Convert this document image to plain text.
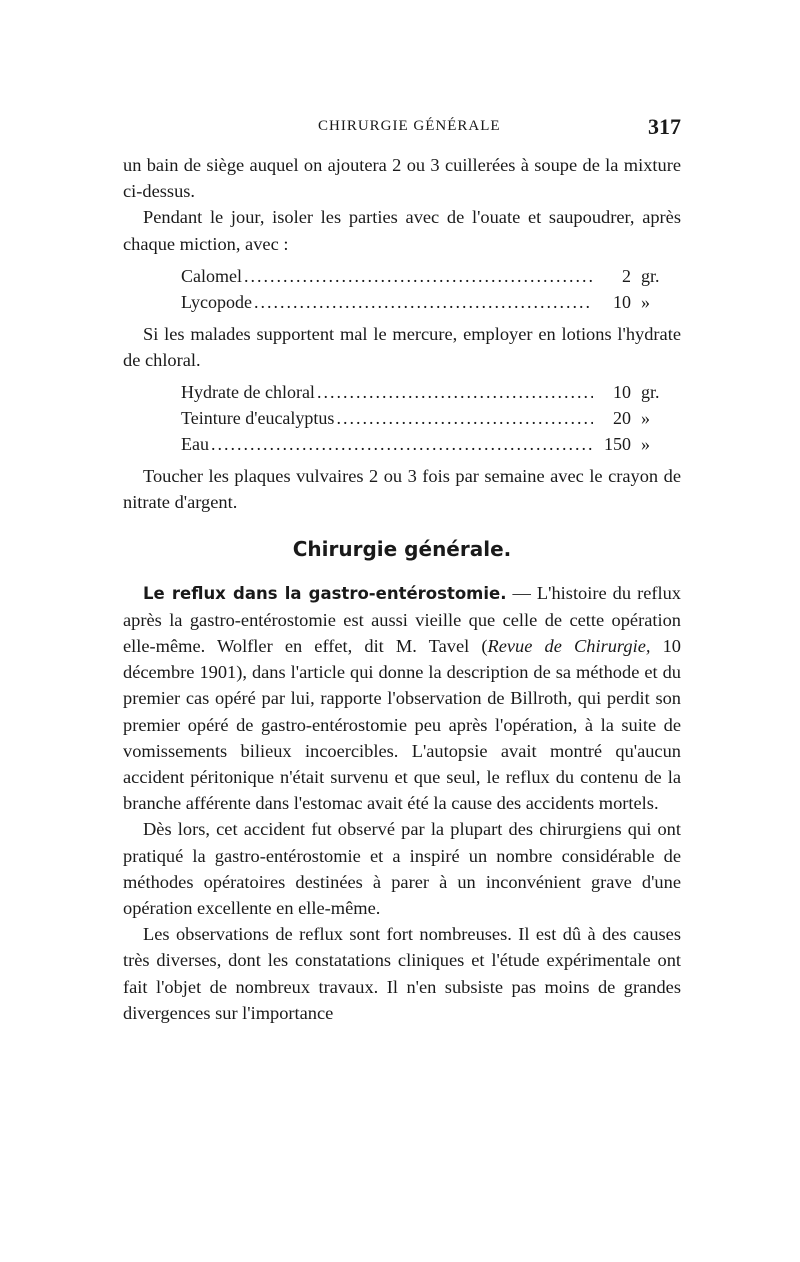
CHIRURGIE GÉNÉRALE	317

un bain de siège auquel on ajoutera 2 ou 3 cuillerées à soupe de la mixture ci-dessus.

Pendant le jour, isoler les parties avec de l'ouate et saupoudrer, après chaque miction, avec :

Calomel .....	2 gr.
Lycopode .....	10 »

Si les malades supportent mal le mercure, employer en lotions l'hydrate de chloral.

Hydrate de chloral .....	10 gr.
Teinture d'eucalyptus .....	20 »
Eau .....	150 »

Toucher les plaques vulvaires 2 ou 3 fois par semaine avec le crayon de nitrate d'argent.

Chirurgie générale.

Le reflux dans la gastro-entérostomie. — L'histoire du reflux après la gastro-entérostomie est aussi vieille que celle de cette opération elle-même. Wolfler en effet, dit M. Tavel (Revue de Chirurgie, 10 décembre 1901), dans l'article qui donne la description de sa méthode et du premier cas opéré par lui, rapporte l'observation de Billroth, qui perdit son premier opéré de gastro-entérostomie peu après l'opération, à la suite de vomissements bilieux incoercibles. L'autopsie avait montré qu'aucun accident péritonique n'était survenu et que seul, le reflux du contenu de la branche afférente dans l'estomac avait été la cause des accidents mortels.

Dès lors, cet accident fut observé par la plupart des chirurgiens qui ont pratiqué la gastro-entérostomie et a inspiré un nombre considérable de méthodes opératoires destinées à parer à un inconvénient grave d'une opération excellente en elle-même.

Les observations de reflux sont fort nombreuses. Il est dû à des causes très diverses, dont les constatations cliniques et l'étude expérimentale ont fait l'objet de nombreux travaux. Il n'en subsiste pas moins de grandes divergences sur l'importance
